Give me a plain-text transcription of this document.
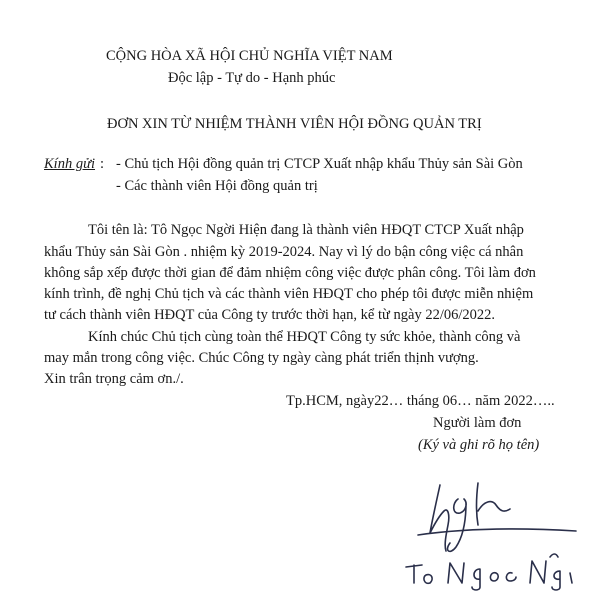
CỘNG HÒA XÃ HỘI CHỦ NGHĨA VIỆT NAM
Độc lập - Tự do - Hạnh phúc
ĐƠN XIN TỪ NHIỆM THÀNH VIÊN HỘI ĐỒNG QUẢN TRỊ
Kính gửi : - Chủ tịch Hội đồng quản trị CTCP Xuất nhập khẩu Thủy sản Sài Gòn
- Các thành viên Hội đồng quản trị
Tôi tên là: Tô Ngọc Ngời Hiện đang là thành viên HĐQT CTCP Xuất nhập
khẩu Thủy sản Sài Gòn . nhiệm kỳ 2019-2024. Nay vì lý do bận công việc cá nhân
không sắp xếp được thời gian để đảm nhiệm công việc được phân công. Tôi làm đơn
kính trình, đề nghị Chủ tịch và các thành viên HĐQT cho phép tôi được miễn nhiệm
tư cách thành viên HĐQT của Công ty trước thời hạn, kể từ ngày 22/06/2022.
Kính chúc Chủ tịch cùng toàn thể HĐQT Công ty sức khỏe, thành công và
may mắn trong công việc. Chúc Công ty ngày càng phát triển thịnh vượng.
Xin trân trọng cảm ơn./.
Tp.HCM, ngày22… tháng 06… năm 2022…..
Người làm đơn
(Ký và ghi rõ họ tên)
